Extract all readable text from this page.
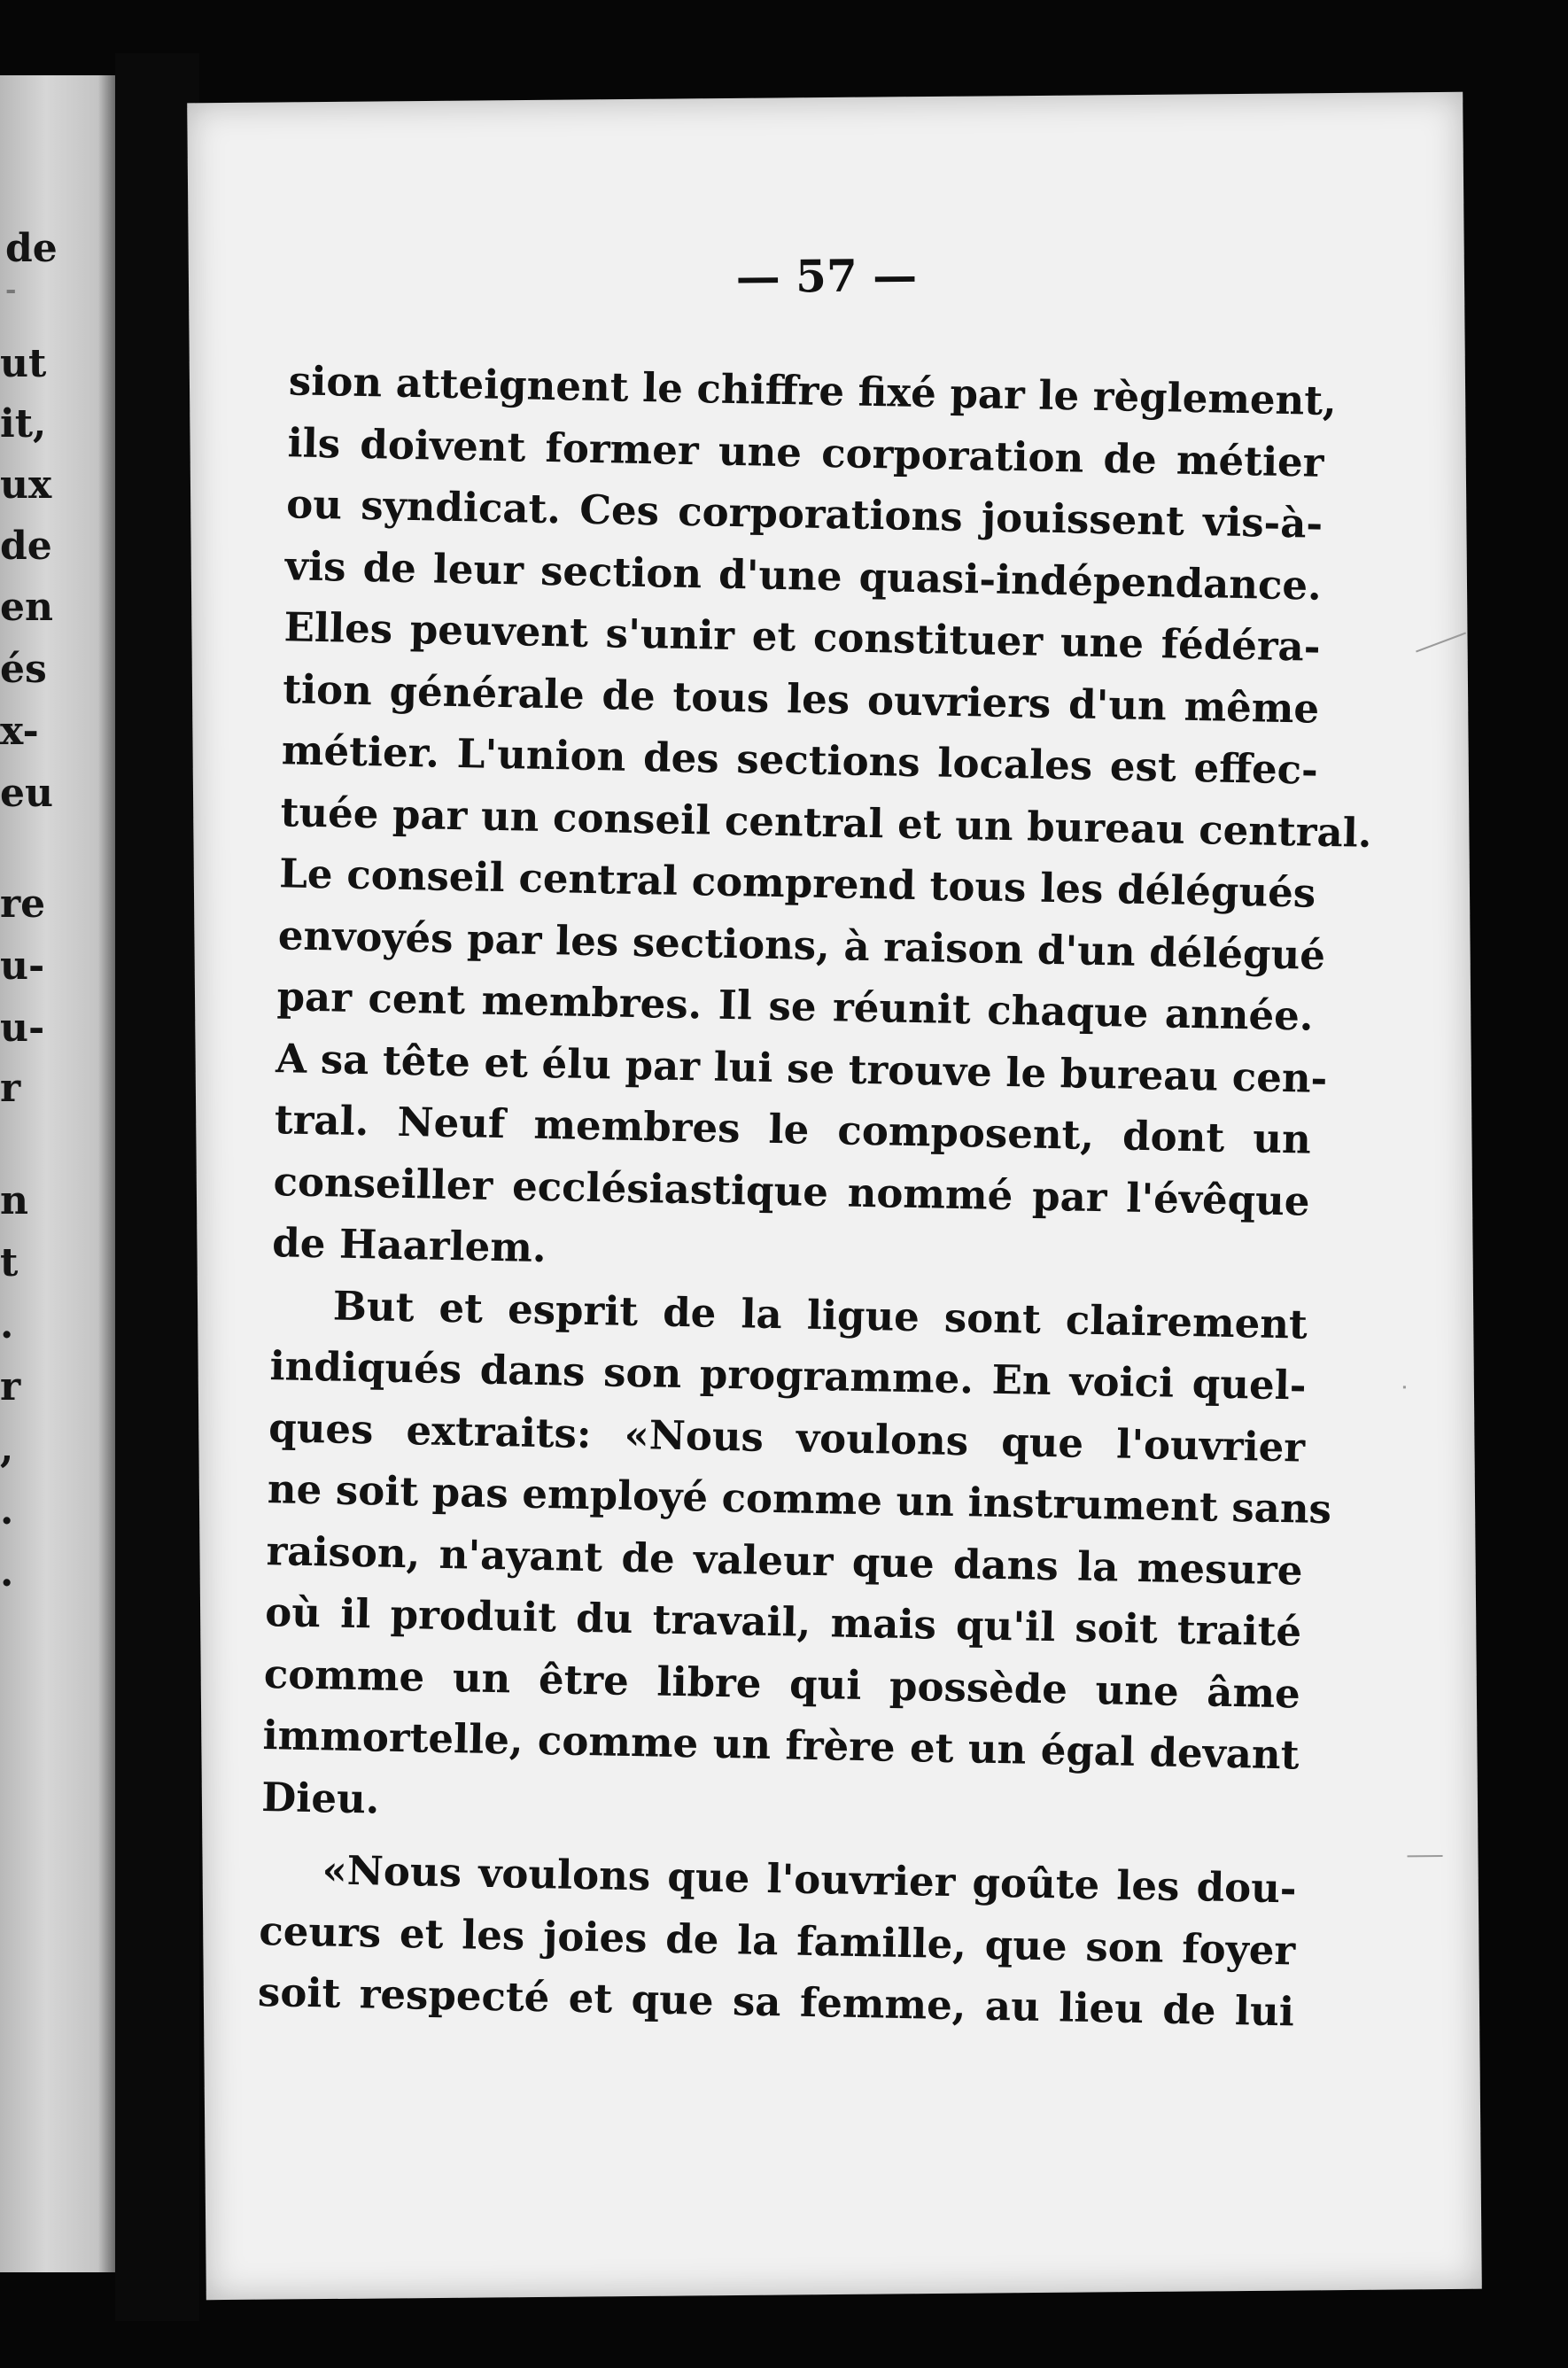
de
-
ut
it,
ux
de
en
és
x-
eu
re
u-
u-
r
n
t
.
r
,
.
.
— 57 —
sion atteignent le chiffre fixé par le règlement,
ils doivent former une corporation de métier
ou syndicat. Ces corporations jouissent vis-à-
vis de leur section d'une quasi-indépendance.
Elles peuvent s'unir et constituer une fédéra-
tion générale de tous les ouvriers d'un même
métier. L'union des sections locales est effec-
tuée par un conseil central et un bureau central.
Le conseil central comprend tous les délégués
envoyés par les sections, à raison d'un délégué
par cent membres. Il se réunit chaque année.
A sa tête et élu par lui se trouve le bureau cen-
tral. Neuf membres le composent, dont un
conseiller ecclésiastique nommé par l'évêque
de Haarlem.
But et esprit de la ligue sont clairement
indiqués dans son programme. En voici quel-
ques extraits: «Nous voulons que l'ouvrier
ne soit pas employé comme un instrument sans
raison, n'ayant de valeur que dans la mesure
où il produit du travail, mais qu'il soit traité
comme un être libre qui possède une âme
immortelle, comme un frère et un égal devant
Dieu.
«Nous voulons que l'ouvrier goûte les dou-
ceurs et les joies de la famille, que son foyer
soit respecté et que sa femme, au lieu de lui
